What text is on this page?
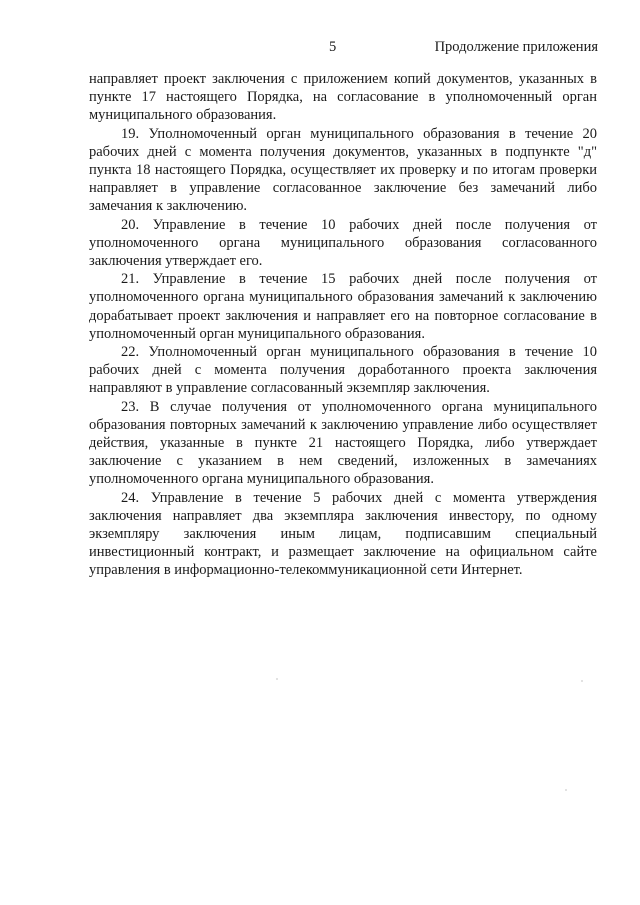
5	Продолжение приложения

направляет проект заключения с приложением копий документов, указанных в пункте 17 настоящего Порядка, на согласование в уполномоченный орган муниципального образования.

19. Уполномоченный орган муниципального образования в течение 20 рабочих дней с момента получения документов, указанных в подпункте "д" пункта 18 настоящего Порядка, осуществляет их проверку и по итогам проверки направляет в управление согласованное заключение без замечаний либо замечания к заключению.

20. Управление в течение 10 рабочих дней после получения от уполномоченного органа муниципального образования согласованного заключения утверждает его.

21. Управление в течение 15 рабочих дней после получения от уполномоченного органа муниципального образования замечаний к заключению дорабатывает проект заключения и направляет его на повторное согласование в уполномоченный орган муниципального образования.

22. Уполномоченный орган муниципального образования в течение 10 рабочих дней с момента получения доработанного проекта заключения направляют в управление согласованный экземпляр заключения.

23. В случае получения от уполномоченного органа муниципального образования повторных замечаний к заключению управление либо осуществляет действия, указанные в пункте 21 настоящего Порядка, либо утверждает заключение с указанием в нем сведений, изложенных в замечаниях уполномоченного органа муниципального образования.

24. Управление в течение 5 рабочих дней с момента утверждения заключения направляет два экземпляра заключения инвестору, по одному экземпляру заключения иным лицам, подписавшим специальный инвестиционный контракт, и размещает заключение на официальном сайте управления в информационно-телекоммуникационной сети Интернет.
